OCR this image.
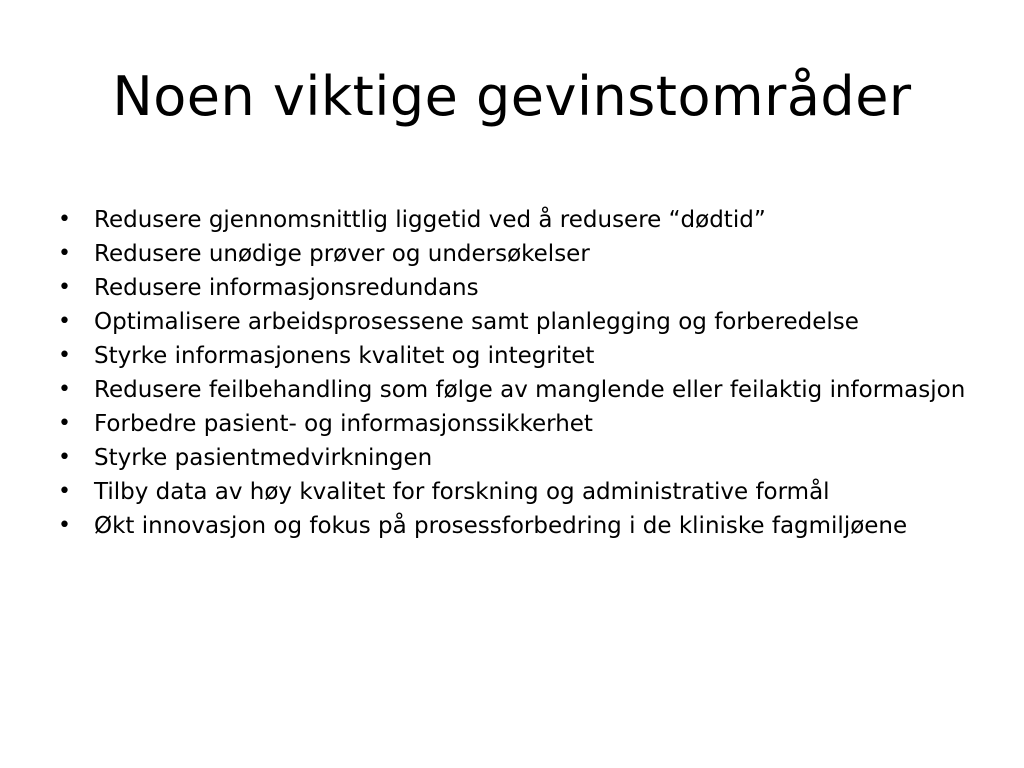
Noen viktige gevinstområder
•	Redusere gjennomsnittlig liggetid ved å redusere “dødtid”
•	Redusere unødige prøver og undersøkelser
•	Redusere informasjonsredundans
•	Optimalisere arbeidsprosessene samt planlegging og forberedelse
•	Styrke informasjonens kvalitet og integritet
•	Redusere feilbehandling som følge av manglende eller feilaktig informasjon
•	Forbedre pasient- og informasjonssikkerhet
•	Styrke pasientmedvirkningen
•	Tilby data av høy kvalitet for forskning og administrative formål
•	Økt innovasjon og fokus på prosessforbedring i de kliniske fagmiljøene
